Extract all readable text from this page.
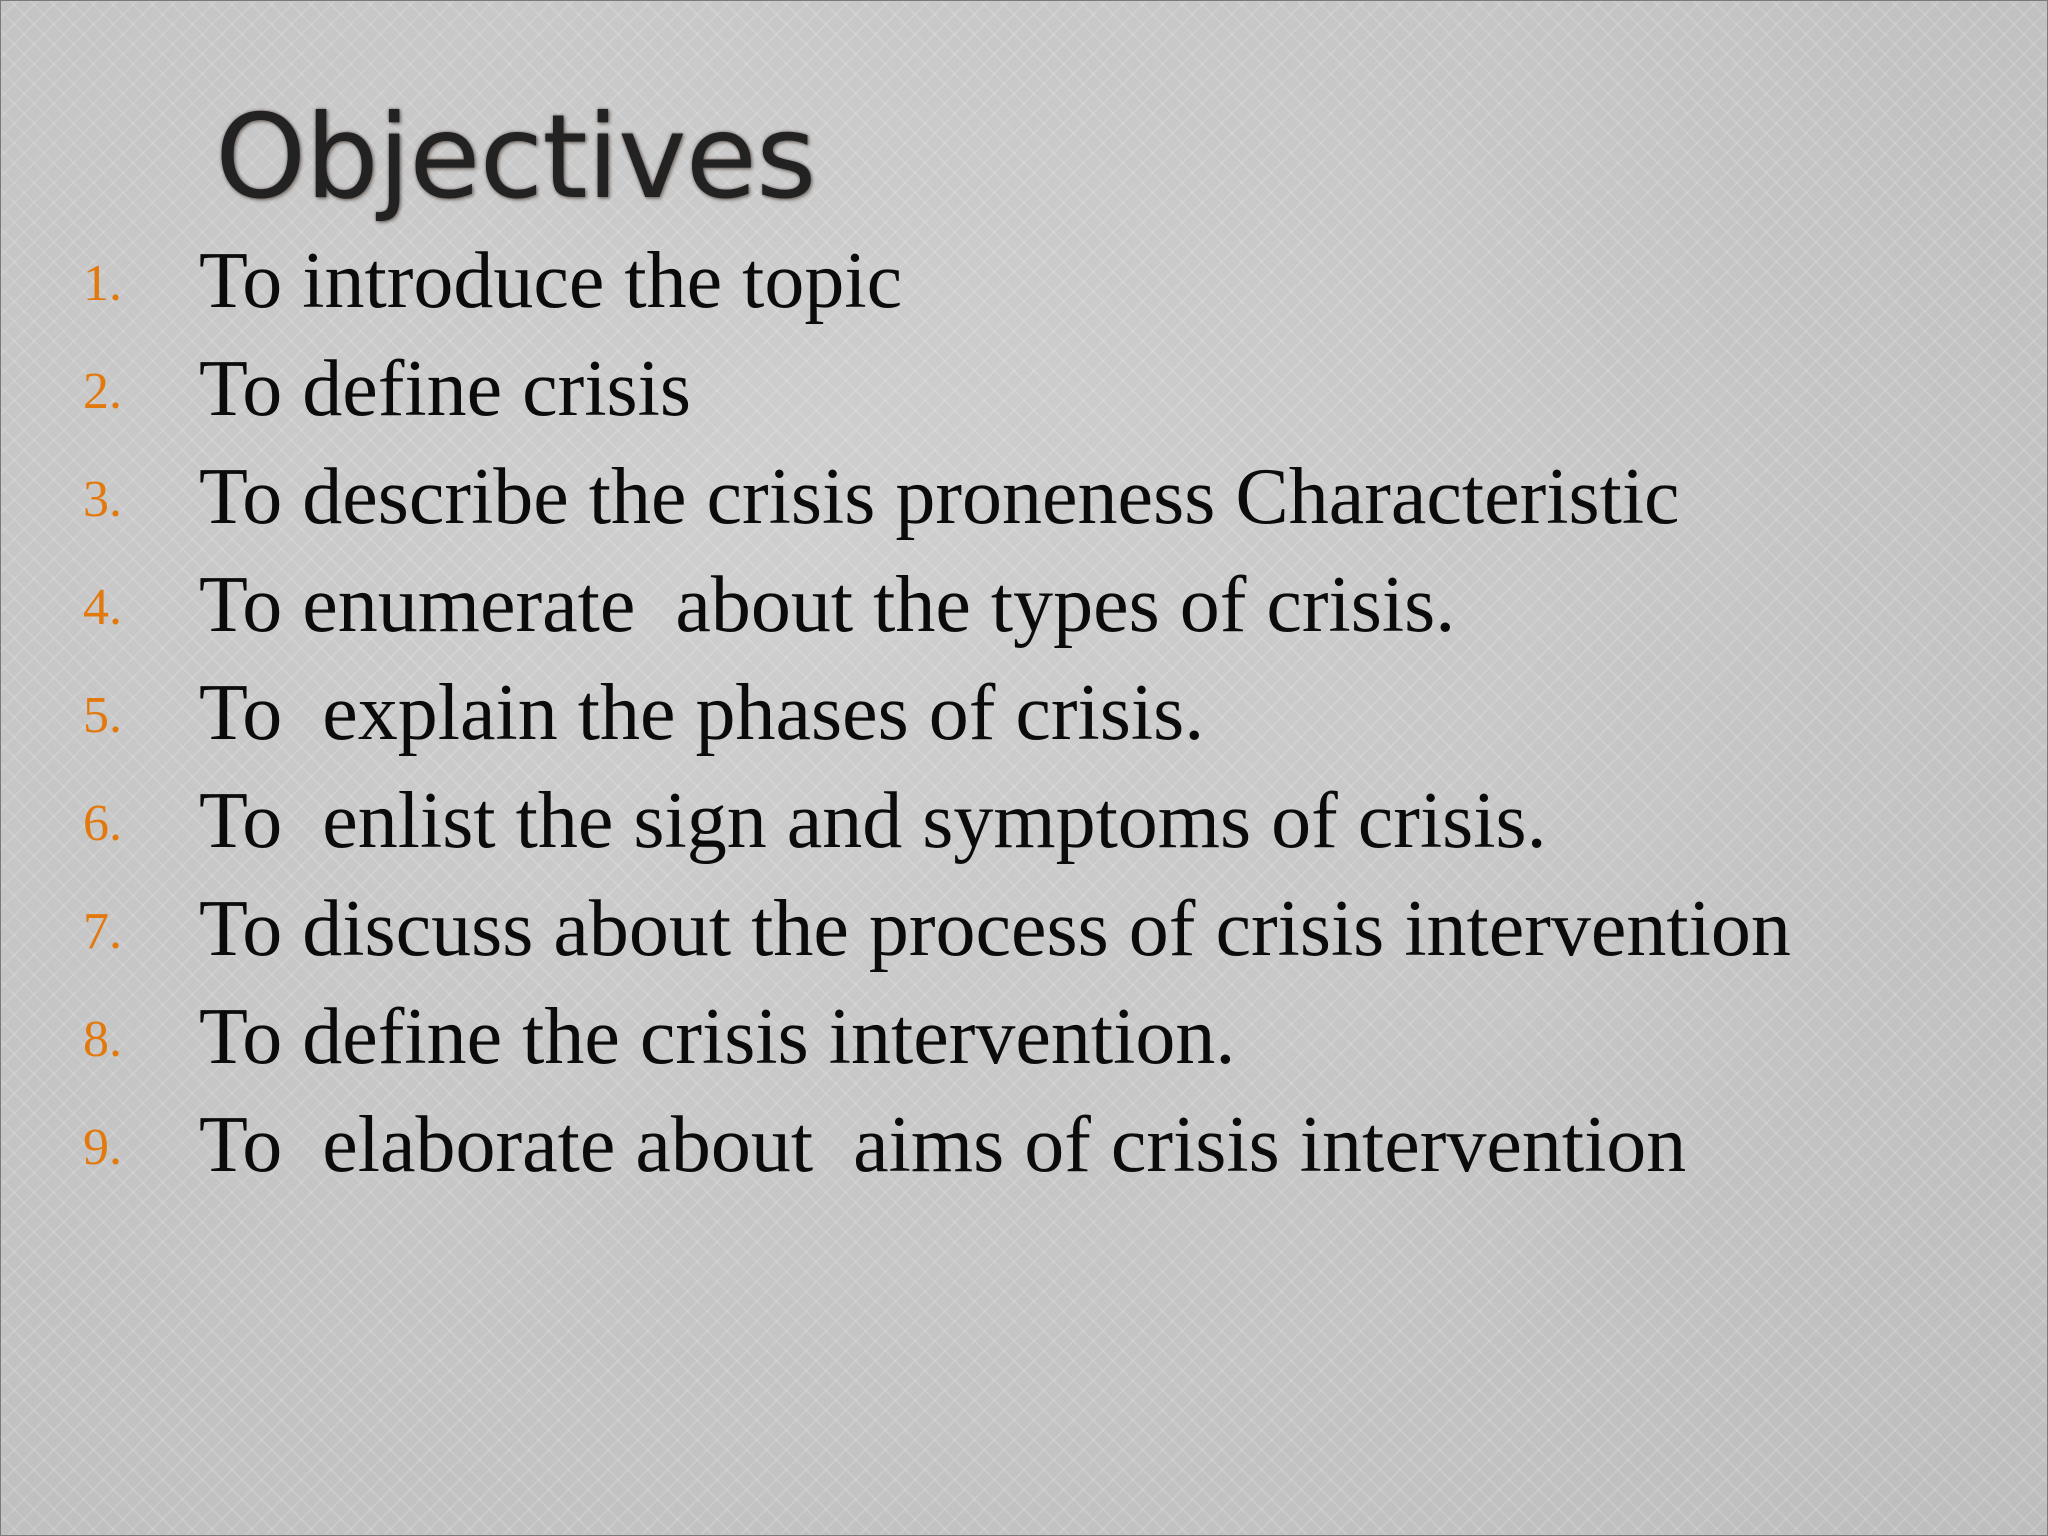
Objectives
1. To introduce the topic
2. To define crisis
3. To describe the crisis proneness Characteristic
4. To enumerate  about the types of crisis.
5. To  explain the phases of crisis.
6. To  enlist the sign and symptoms of crisis.
7. To discuss about the process of crisis intervention
8. To define the crisis intervention.
9. To  elaborate about  aims of crisis intervention
